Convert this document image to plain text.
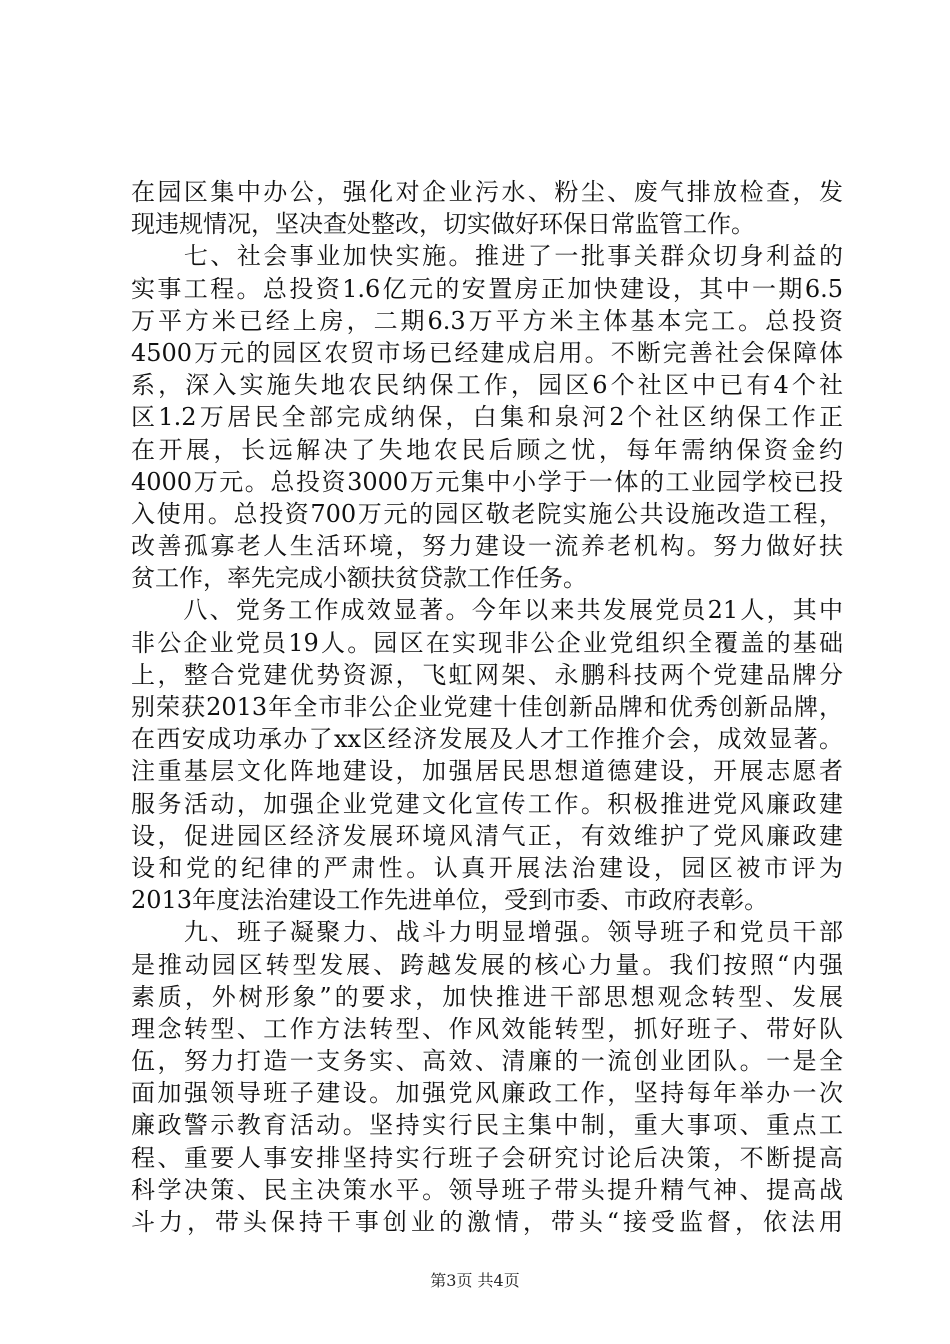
在园区集中办公，强化对企业污水、粉尘、废气排放检查，发
现违规情况，坚决查处整改，切实做好环保日常监管工作。
　　七、社会事业加快实施。推进了一批事关群众切身利益的
实事工程。总投资1.6亿元的安置房正加快建设，其中一期6.5
万平方米已经上房，二期6.3万平方米主体基本完工。总投资
4500万元的园区农贸市场已经建成启用。不断完善社会保障体
系，深入实施失地农民纳保工作，园区6个社区中已有4个社
区1.2万居民全部完成纳保，白集和泉河2个社区纳保工作正
在开展，长远解决了失地农民后顾之忧，每年需纳保资金约
4000万元。总投资3000万元集中小学于一体的工业园学校已投
入使用。总投资700万元的园区敬老院实施公共设施改造工程，
改善孤寡老人生活环境，努力建设一流养老机构。努力做好扶
贫工作，率先完成小额扶贫贷款工作任务。
　　八、党务工作成效显著。今年以来共发展党员21人，其中
非公企业党员19人。园区在实现非公企业党组织全覆盖的基础
上，整合党建优势资源，飞虹网架、永鹏科技两个党建品牌分
别荣获2013年全市非公企业党建十佳创新品牌和优秀创新品牌，
在西安成功承办了xx区经济发展及人才工作推介会，成效显著。
注重基层文化阵地建设，加强居民思想道德建设，开展志愿者
服务活动，加强企业党建文化宣传工作。积极推进党风廉政建
设，促进园区经济发展环境风清气正，有效维护了党风廉政建
设和党的纪律的严肃性。认真开展法治建设，园区被市评为
2013年度法治建设工作先进单位，受到市委、市政府表彰。
　　九、班子凝聚力、战斗力明显增强。领导班子和党员干部
是推动园区转型发展、跨越发展的核心力量。我们按照“内强
素质，外树形象”的要求，加快推进干部思想观念转型、发展
理念转型、工作方法转型、作风效能转型，抓好班子、带好队
伍，努力打造一支务实、高效、清廉的一流创业团队。一是全
面加强领导班子建设。加强党风廉政工作，坚持每年举办一次
廉政警示教育活动。坚持实行民主集中制，重大事项、重点工
程、重要人事安排坚持实行班子会研究讨论后决策，不断提高
科学决策、民主决策水平。领导班子带头提升精气神、提高战
斗力，带头保持干事创业的激情，带头“接受监督，依法用
第3页 共4页
